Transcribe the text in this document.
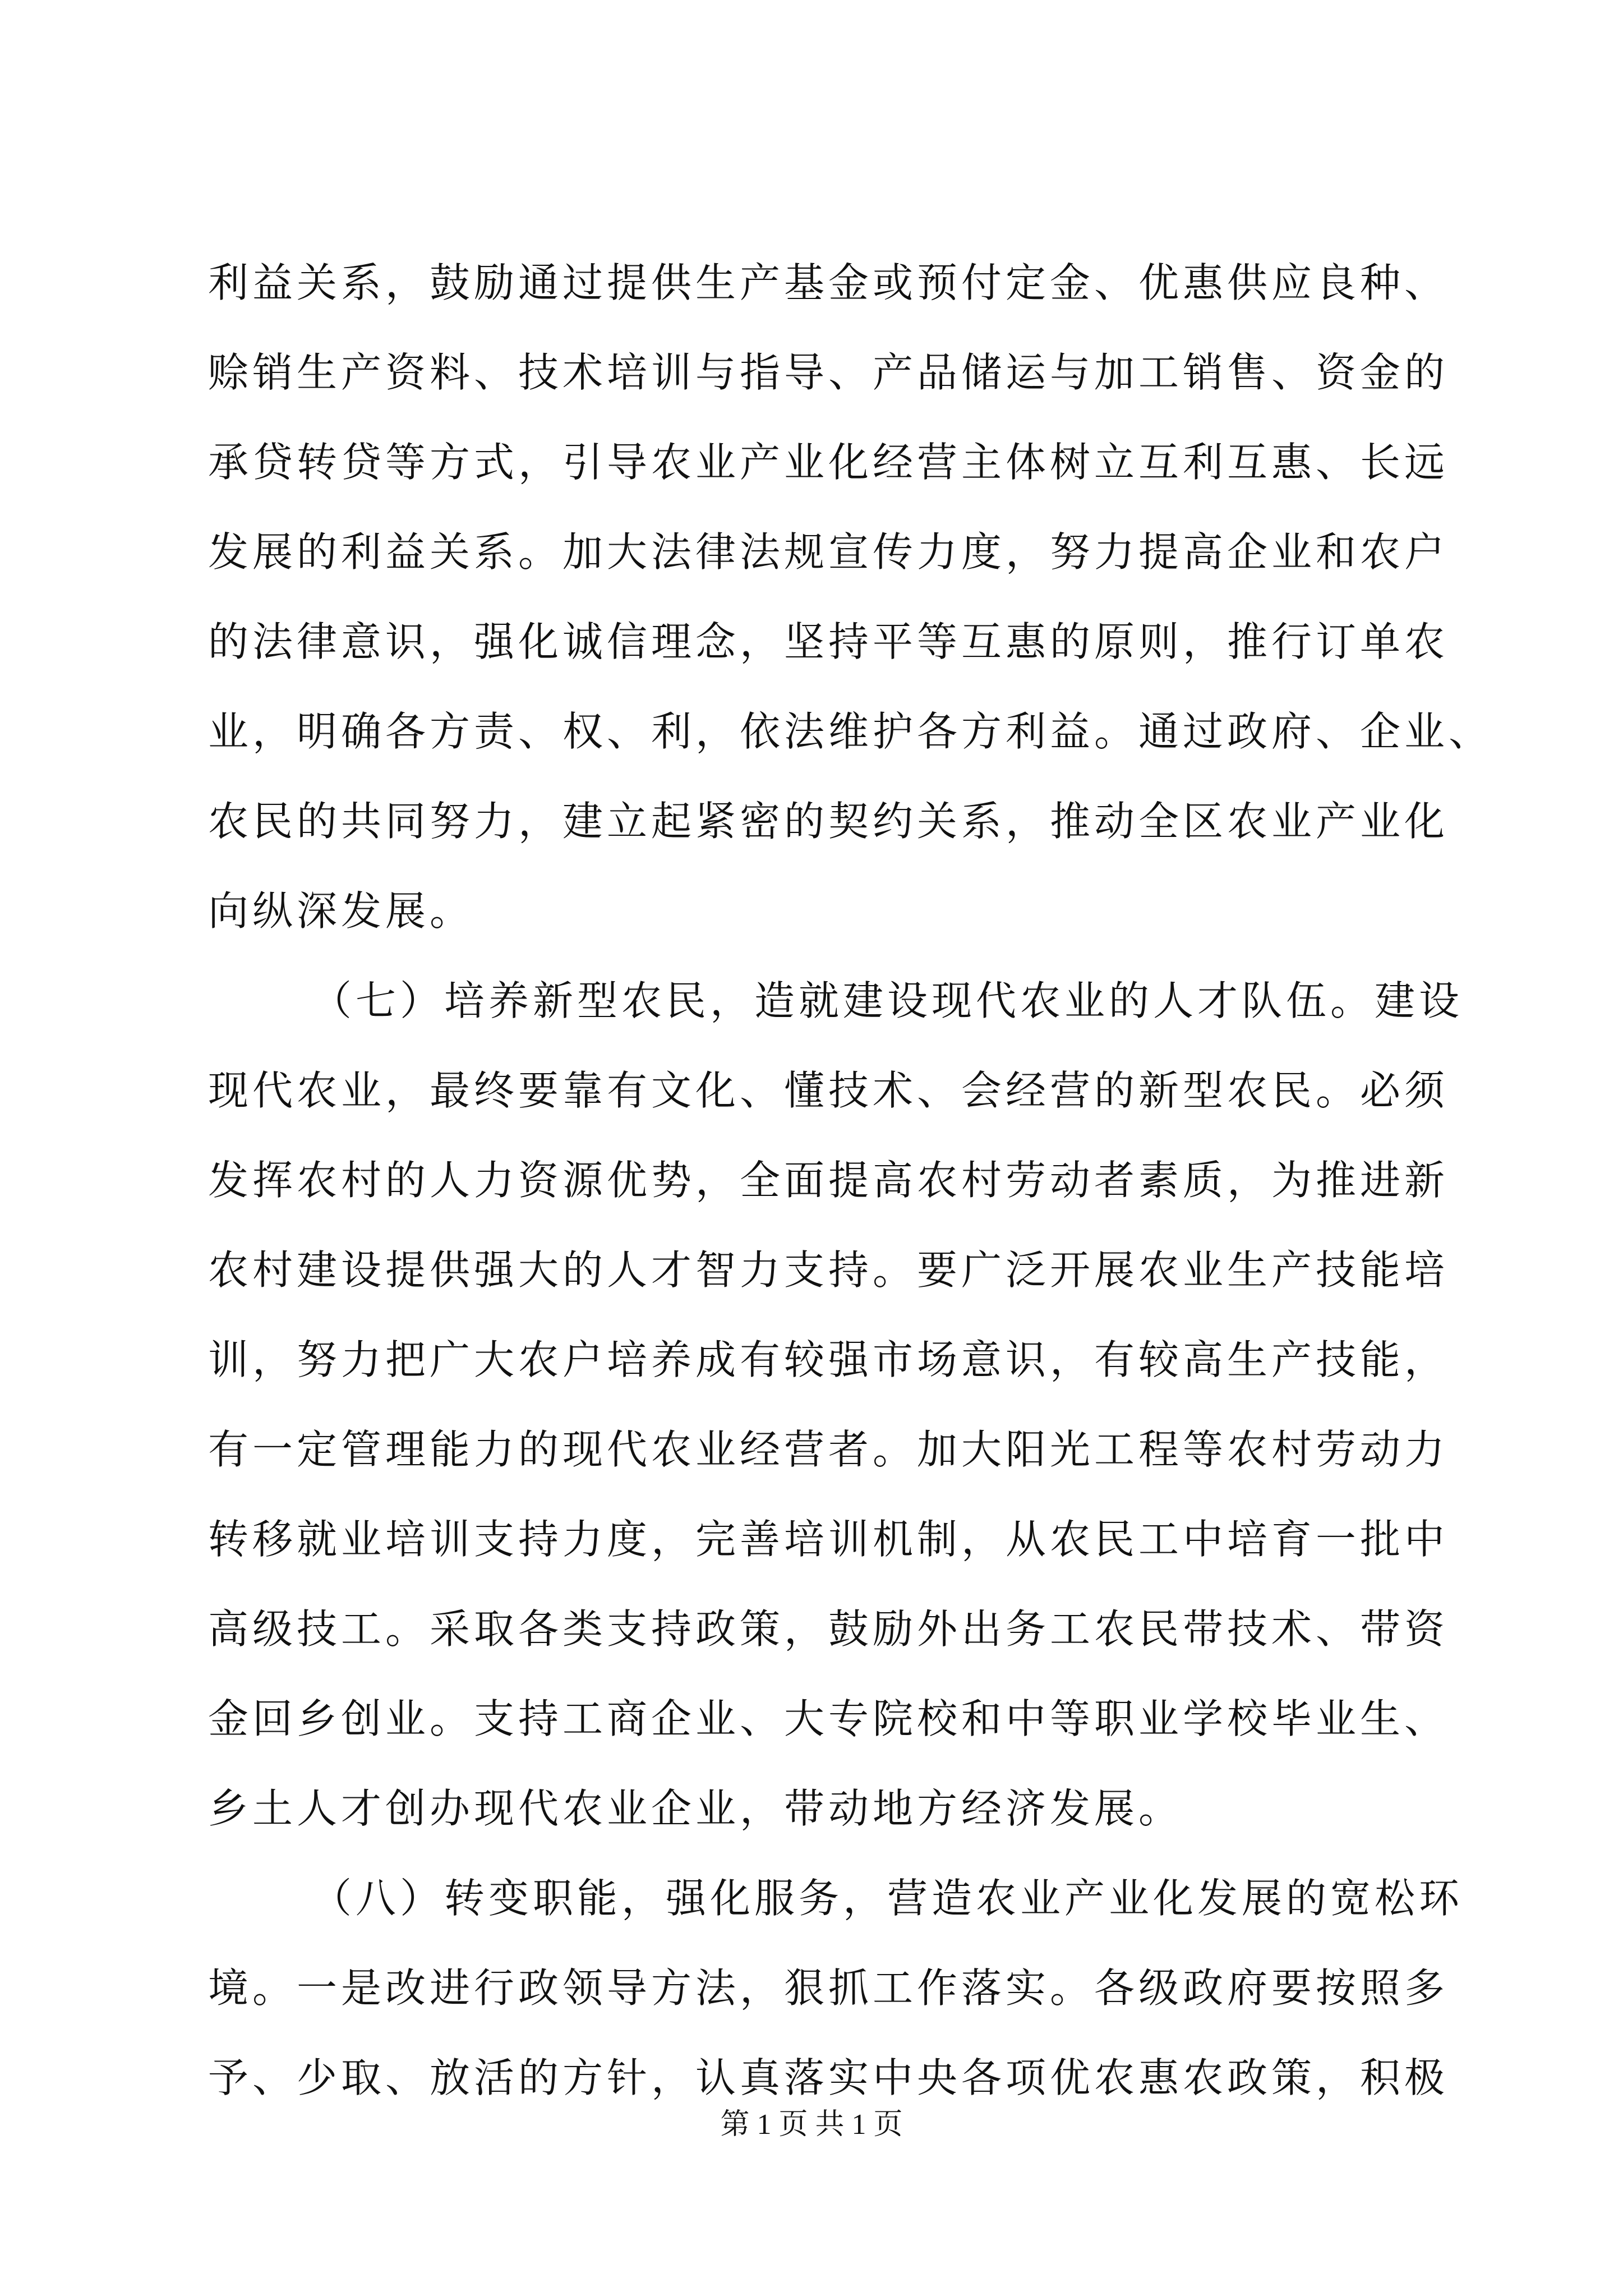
利益关系，鼓励通过提供生产基金或预付定金、优惠供应良种、
赊销生产资料、技术培训与指导、产品储运与加工销售、资金的
承贷转贷等方式，引导农业产业化经营主体树立互利互惠、长远
发展的利益关系。加大法律法规宣传力度，努力提高企业和农户
的法律意识，强化诚信理念，坚持平等互惠的原则，推行订单农
业，明确各方责、权、利，依法维护各方利益。通过政府、企业、
农民的共同努力，建立起紧密的契约关系，推动全区农业产业化
向纵深发展。
（七）培养新型农民，造就建设现代农业的人才队伍。建设
现代农业，最终要靠有文化、懂技术、会经营的新型农民。必须
发挥农村的人力资源优势，全面提高农村劳动者素质，为推进新
农村建设提供强大的人才智力支持。要广泛开展农业生产技能培
训，努力把广大农户培养成有较强市场意识，有较高生产技能，
有一定管理能力的现代农业经营者。加大阳光工程等农村劳动力
转移就业培训支持力度，完善培训机制，从农民工中培育一批中
高级技工。采取各类支持政策，鼓励外出务工农民带技术、带资
金回乡创业。支持工商企业、大专院校和中等职业学校毕业生、
乡土人才创办现代农业企业，带动地方经济发展。
（八）转变职能，强化服务，营造农业产业化发展的宽松环
境。一是改进行政领导方法，狠抓工作落实。各级政府要按照多
予、少取、放活的方针，认真落实中央各项优农惠农政策，积极
第 1 页 共 1 页
